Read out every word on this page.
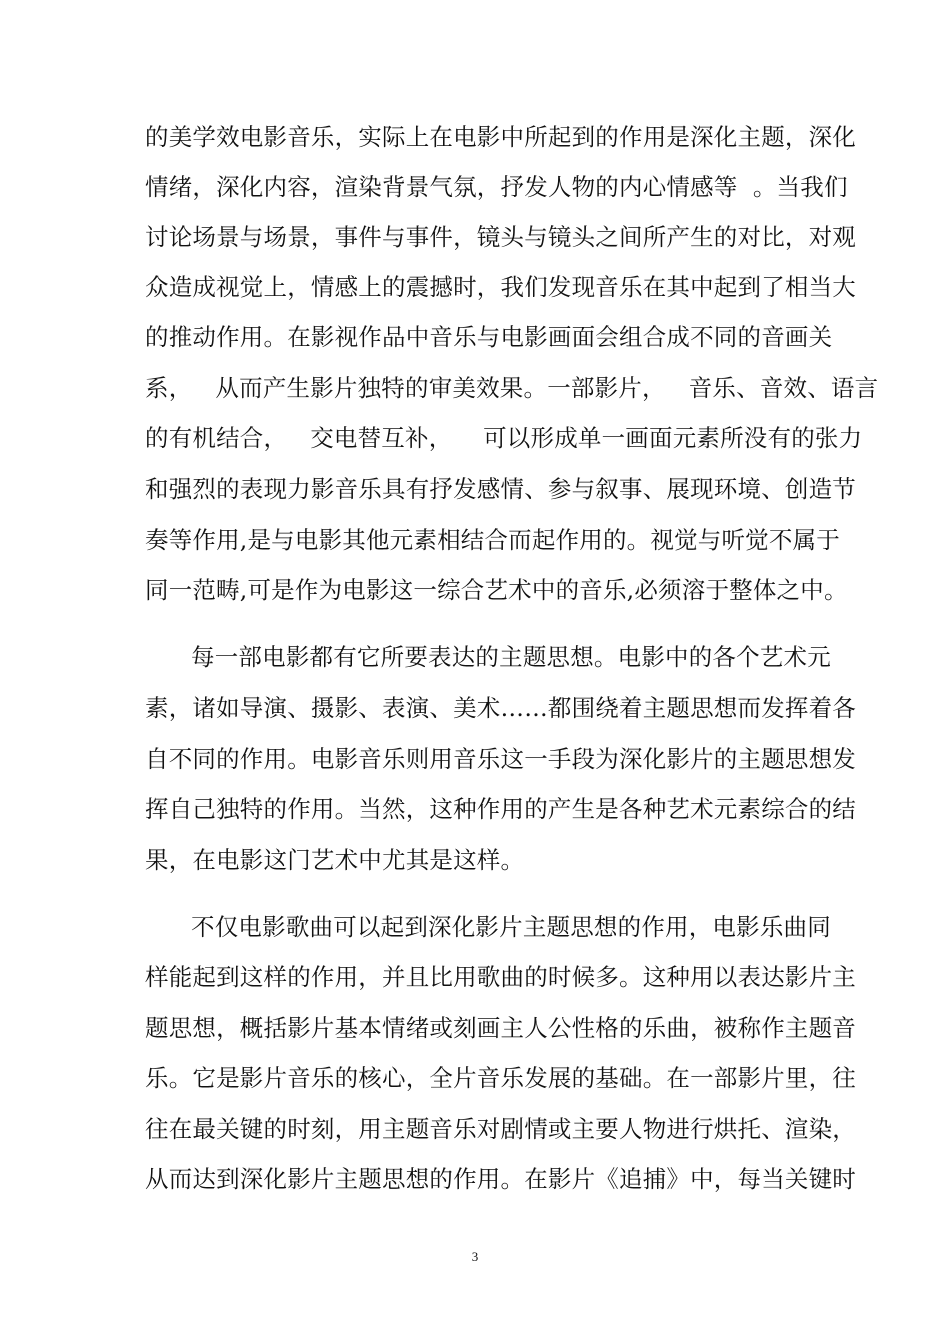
的美学效电影音乐，实际上在电影中所起到的作用是深化主题，深化
情绪，深化内容，渲染背景气氛，抒发人物的内心情感等  。当我们
讨论场景与场景，事件与事件，镜头与镜头之间所产生的对比，对观
众造成视觉上，情感上的震撼时，我们发现音乐在其中起到了相当大
的推动作用。在影视作品中音乐与电影画面会组合成不同的音画关
系，   从而产生影片独特的审美效果。一部影片，   音乐、音效、语言
的有机结合，   交电替互补，    可以形成单一画面元素所没有的张力
和强烈的表现力影音乐具有抒发感情、参与叙事、展现环境、创造节
奏等作用,是与电影其他元素相结合而起作用的。视觉与听觉不属于
同一范畴,可是作为电影这一综合艺术中的音乐,必须溶于整体之中。
每一部电影都有它所要表达的主题思想。电影中的各个艺术元
素，诸如导演、摄影、表演、美术……都围绕着主题思想而发挥着各
自不同的作用。电影音乐则用音乐这一手段为深化影片的主题思想发
挥自己独特的作用。当然，这种作用的产生是各种艺术元素综合的结
果，在电影这门艺术中尤其是这样。
不仅电影歌曲可以起到深化影片主题思想的作用，电影乐曲同
样能起到这样的作用，并且比用歌曲的时候多。这种用以表达影片主
题思想，概括影片基本情绪或刻画主人公性格的乐曲，被称作主题音
乐。它是影片音乐的核心，全片音乐发展的基础。在一部影片里，往
往在最关键的时刻，用主题音乐对剧情或主要人物进行烘托、渲染，
从而达到深化影片主题思想的作用。在影片《追捕》中，每当关键时
3
